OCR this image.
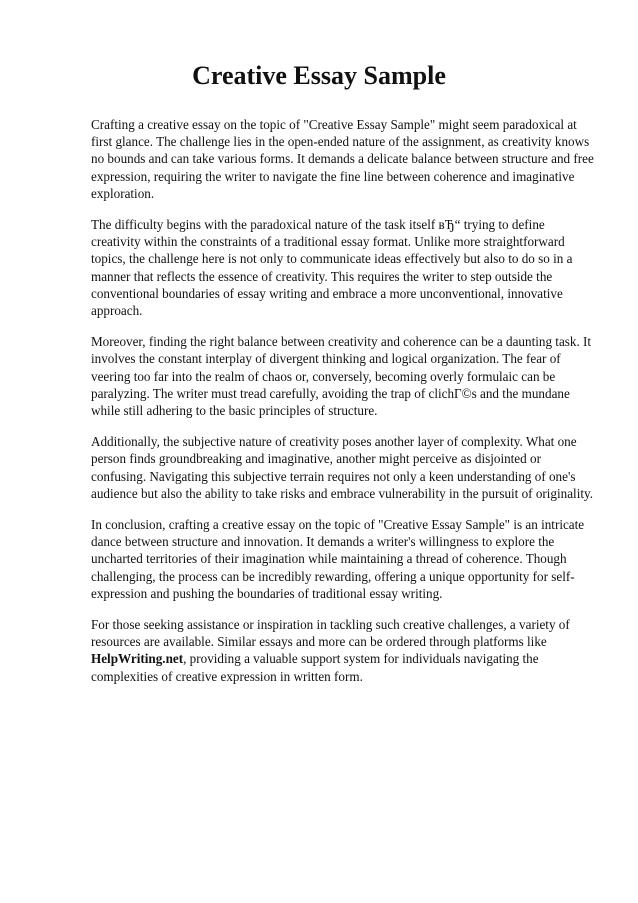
Creative Essay Sample

Crafting a creative essay on the topic of "Creative Essay Sample" might seem paradoxical at first glance. The challenge lies in the open-ended nature of the assignment, as creativity knows no bounds and can take various forms. It demands a delicate balance between structure and free expression, requiring the writer to navigate the fine line between coherence and imaginative exploration.

The difficulty begins with the paradoxical nature of the task itself вЂ“ trying to define creativity within the constraints of a traditional essay format. Unlike more straightforward topics, the challenge here is not only to communicate ideas effectively but also to do so in a manner that reflects the essence of creativity. This requires the writer to step outside the conventional boundaries of essay writing and embrace a more unconventional, innovative approach.

Moreover, finding the right balance between creativity and coherence can be a daunting task. It involves the constant interplay of divergent thinking and logical organization. The fear of veering too far into the realm of chaos or, conversely, becoming overly formulaic can be paralyzing. The writer must tread carefully, avoiding the trap of clichГ©s and the mundane while still adhering to the basic principles of structure.

Additionally, the subjective nature of creativity poses another layer of complexity. What one person finds groundbreaking and imaginative, another might perceive as disjointed or confusing. Navigating this subjective terrain requires not only a keen understanding of one's audience but also the ability to take risks and embrace vulnerability in the pursuit of originality.

In conclusion, crafting a creative essay on the topic of "Creative Essay Sample" is an intricate dance between structure and innovation. It demands a writer's willingness to explore the uncharted territories of their imagination while maintaining a thread of coherence. Though challenging, the process can be incredibly rewarding, offering a unique opportunity for self-expression and pushing the boundaries of traditional essay writing.

For those seeking assistance or inspiration in tackling such creative challenges, a variety of resources are available. Similar essays and more can be ordered through platforms like HelpWriting.net, providing a valuable support system for individuals navigating the complexities of creative expression in written form.
